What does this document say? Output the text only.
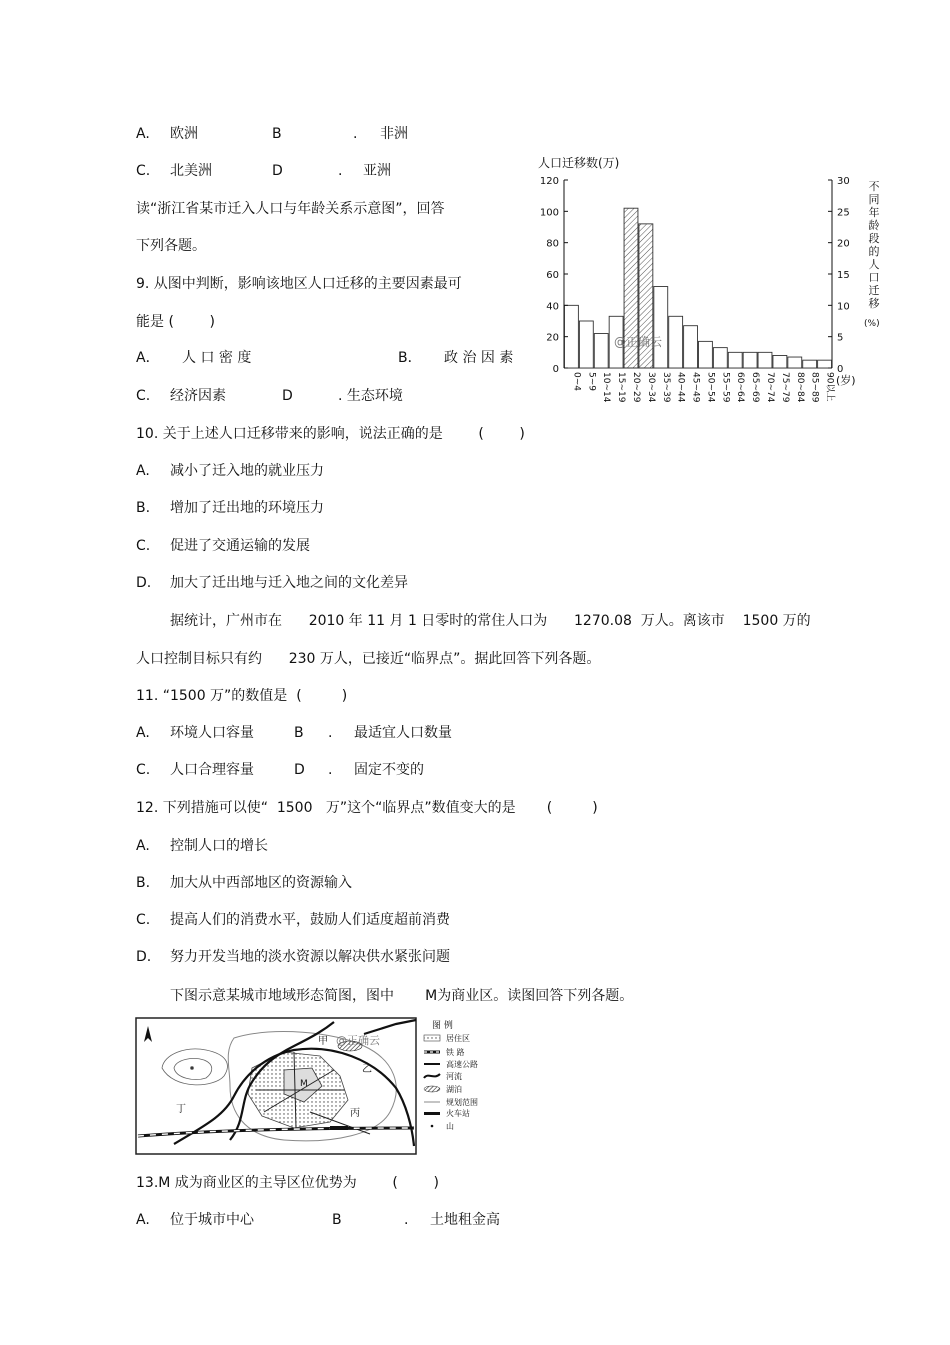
A. 欧洲	B	. 非洲
C. 北美洲	D	. 亚洲
读“浙江省某市迁入人口与年龄关系示意图”，回答
下列各题。
9. 从图中判断，影响该地区人口迁移的主要因素最可
能是 (        )
A． 人 口 密 度	B． 政 治 因 素
C. 经济因素	D	. 生态环境
10. 关于上述人口迁移带来的影响，说法正确的是        (        )
A. 减小了迁入地的就业压力
B. 增加了迁出地的环境压力
C. 促进了交通运输的发展
D. 加大了迁出地与迁入地之间的文化差异
据统计，广州市在      2010 年 11 月 1 日零时的常住人口为      1270.08  万人。离该市    1500 万的
人口控制目标只有约      230 万人，已接近“临界点”。据此回答下列各题。
11. “1500 万”的数值是  (         )
A. 环境人口容量	B . 最适宜人口数量
C. 人口合理容量	D . 固定不变的
12. 下列措施可以使“  1500   万”这个“临界点”数值变大的是       (         )
A. 控制人口的增长
B. 加大从中西部地区的资源输入
C. 提高人们的消费水平，鼓励人们适度超前消费
D. 努力开发当地的淡水资源以解决供水紧张问题
下图示意某城市地域形态简图，图中       M为商业区。读图回答下列各题。
13.M 成为商业区的主导区位优势为        (        )
A. 位于城市中心	B	. 土地租金高
人口迁移数(万)
0
20
40
60
80
100
120
0
5
10
15
20
25
30
0~4 5~9 10~14 15~19 20~29 30~34 35~39 40~44 45~49 50~54 55~59 60~64 65~69 70~74 75~79 80~84 85~89 90以上
@正确云
(岁)
不同年龄段的人口迁移
(%)
M
甲
乙
丙
丁
@正确云
图 例
居住区
铁 路
高速公路
河流
湖泊
规划范围
火车站
山
